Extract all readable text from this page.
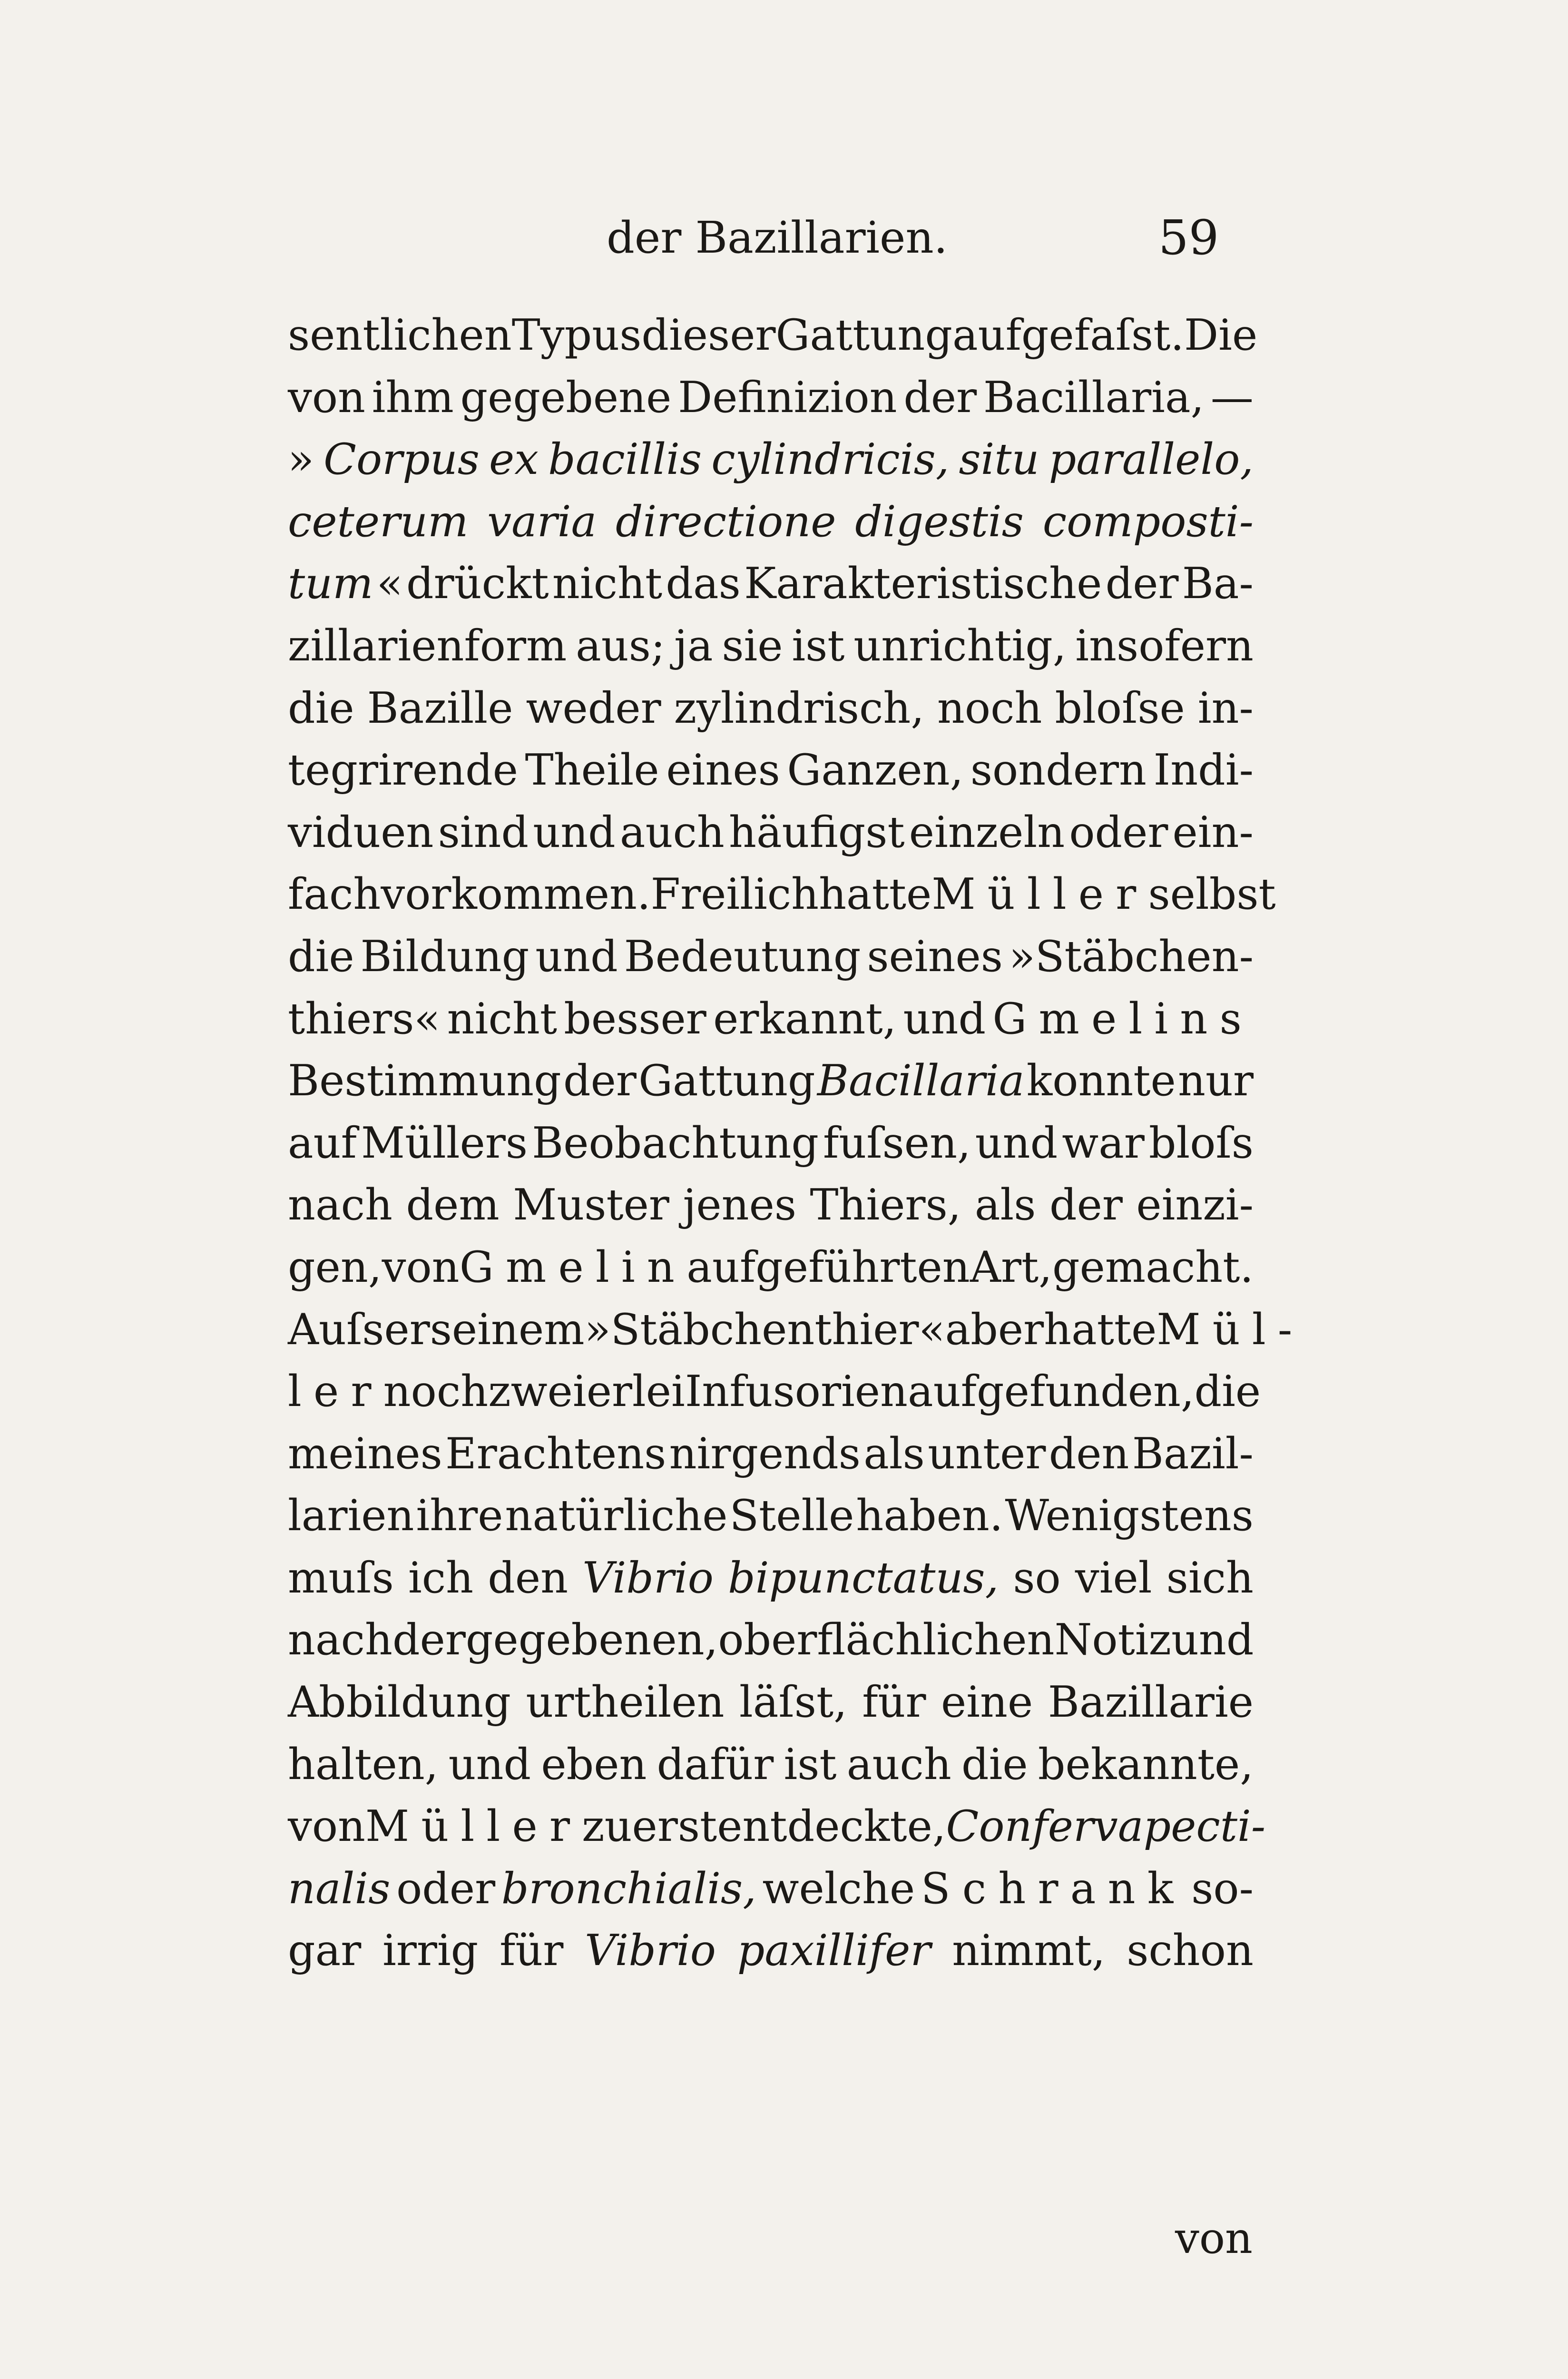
der Bazillarien.	59
sentlichen Typus dieser Gattung aufgefaſst. Die
von ihm gegebene Definizion der Bacillaria, —
» Corpus ex bacillis cylindricis, situ parallelo,
ceterum varia directione digestis composti-
tum « drückt nicht das Karakteristische der Ba-
zillarienform aus; ja sie ist unrichtig, insofern
die Bazille weder zylindrisch, noch bloſse in-
tegrirende Theile eines Ganzen, sondern Indi-
viduen sind und auch häufigst einzeln oder ein-
fach vorkommen. Freilich hatte Müller selbst
die Bildung und Bedeutung seines »Stäbchen-
thiers« nicht besser erkannt, und Gmelins
Bestimmung der Gattung Bacillaria konnte nur
auf Müllers Beobachtung fuſsen, und war bloſs
nach dem Muster jenes Thiers, als der einzi-
gen, von Gmelin aufgeführten Art, gemacht.
Auſser seinem »Stäbchenthier« aber hatte Mül-
ler noch zweierlei Infusorien aufgefunden, die
meines Erachtens nirgends als unter den Bazil-
larien ihre natürliche Stelle haben. Wenigstens
muſs ich den Vibrio bipunctatus, so viel sich
nach der gegebenen, oberflächlichen Notiz und
Abbildung urtheilen läſst, für eine Bazillarie
halten, und eben dafür ist auch die bekannte,
von Müller zuerst entdeckte, Conferva pecti-
nalis oder bronchialis, welche Schrank so-
gar irrig für Vibrio paxillifer nimmt, schon
von
